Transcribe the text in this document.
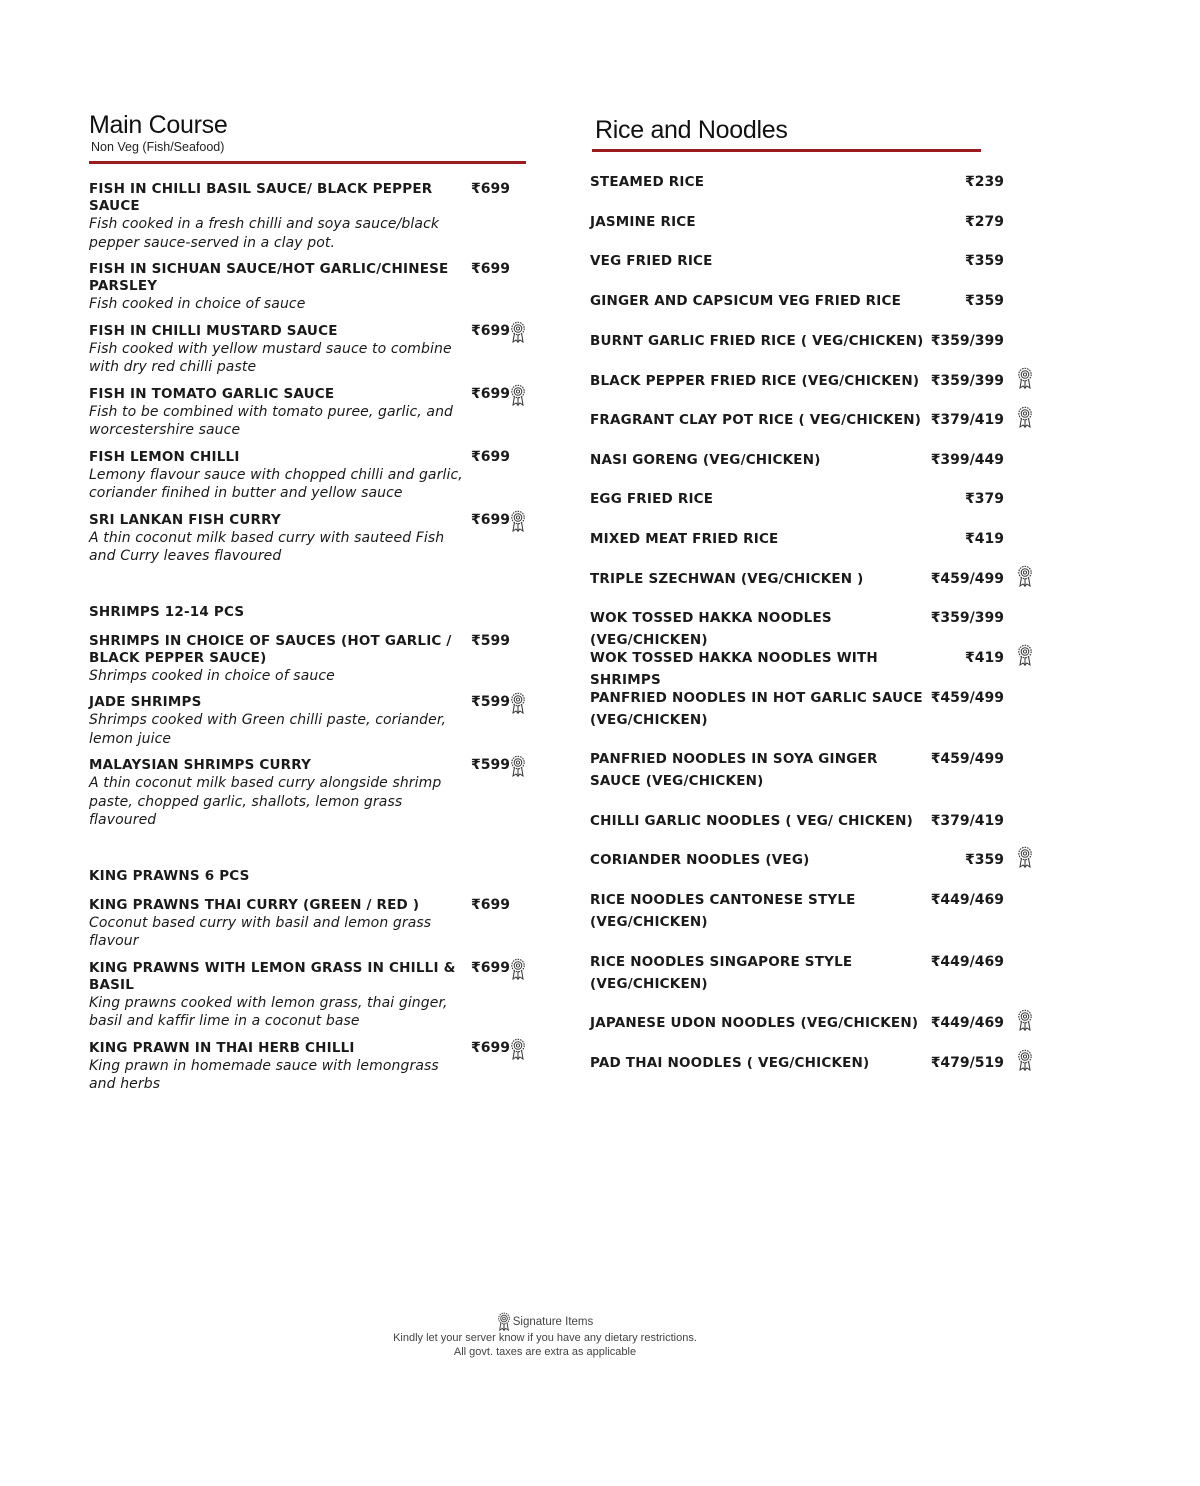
Main Course
Non Veg (Fish/Seafood)
FISH IN CHILLI BASIL SAUCE/ BLACK PEPPER SAUCE
Fish cooked in a fresh chilli and soya sauce/black pepper sauce-served in a clay pot.
₹699
FISH IN SICHUAN SAUCE/HOT GARLIC/CHINESE PARSLEY
Fish cooked in choice of sauce
₹699
FISH IN CHILLI MUSTARD SAUCE
Fish cooked with yellow mustard sauce to combine with dry red chilli paste
₹699
FISH IN TOMATO GARLIC SAUCE
Fish to be combined with tomato puree, garlic, and worcestershire sauce
₹699
FISH LEMON CHILLI
Lemony flavour sauce with chopped chilli and garlic, coriander finihed in butter and yellow sauce
₹699
SRI LANKAN FISH CURRY
A thin coconut milk based curry with sauteed Fish and Curry leaves flavoured
₹699
SHRIMPS 12-14 PCS
SHRIMPS IN CHOICE OF SAUCES (HOT GARLIC / BLACK PEPPER SAUCE)
Shrimps cooked in choice of sauce
₹599
JADE SHRIMPS
Shrimps cooked with Green chilli paste, coriander, lemon juice
₹599
MALAYSIAN SHRIMPS CURRY
A thin coconut milk based curry alongside shrimp paste, chopped garlic, shallots, lemon grass flavoured
₹599
KING PRAWNS 6 PCS
KING PRAWNS THAI CURRY (GREEN / RED )
Coconut based curry with basil and lemon grass flavour
₹699
KING PRAWNS WITH LEMON GRASS IN CHILLI & BASIL
King prawns cooked with lemon grass, thai ginger, basil and kaffir lime in a coconut base
₹699
KING PRAWN IN THAI HERB CHILLI
King prawn in homemade sauce with lemongrass and herbs
₹699
Rice and Noodles
STEAMED RICE	₹239
JASMINE RICE	₹279
VEG FRIED RICE	₹359
GINGER AND CAPSICUM VEG FRIED RICE	₹359
BURNT GARLIC FRIED RICE ( VEG/CHICKEN) ₹359/399
BLACK PEPPER FRIED RICE (VEG/CHICKEN) ₹359/399
FRAGRANT CLAY POT RICE ( VEG/CHICKEN) ₹379/419
NASI GORENG (VEG/CHICKEN)	₹399/449
EGG FRIED RICE	₹379
MIXED MEAT FRIED RICE	₹419
TRIPLE SZECHWAN (VEG/CHICKEN )	₹459/499
WOK TOSSED HAKKA NOODLES (VEG/CHICKEN)
₹359/399
WOK TOSSED HAKKA NOODLES WITH SHRIMPS
₹419
PANFRIED NOODLES IN HOT GARLIC SAUCE (VEG/CHICKEN)
₹459/499
PANFRIED NOODLES IN SOYA GINGER SAUCE (VEG/CHICKEN)
₹459/499
CHILLI GARLIC NOODLES ( VEG/ CHICKEN)	₹379/419
CORIANDER NOODLES (VEG)	₹359
RICE NOODLES CANTONESE STYLE (VEG/CHICKEN)
₹449/469
RICE NOODLES SINGAPORE STYLE (VEG/CHICKEN)
₹449/469
JAPANESE UDON NOODLES (VEG/CHICKEN) ₹449/469
PAD THAI NOODLES ( VEG/CHICKEN)	₹479/519
Signature Items
Kindly let your server know if you have any dietary restrictions.
All govt. taxes are extra as applicable
